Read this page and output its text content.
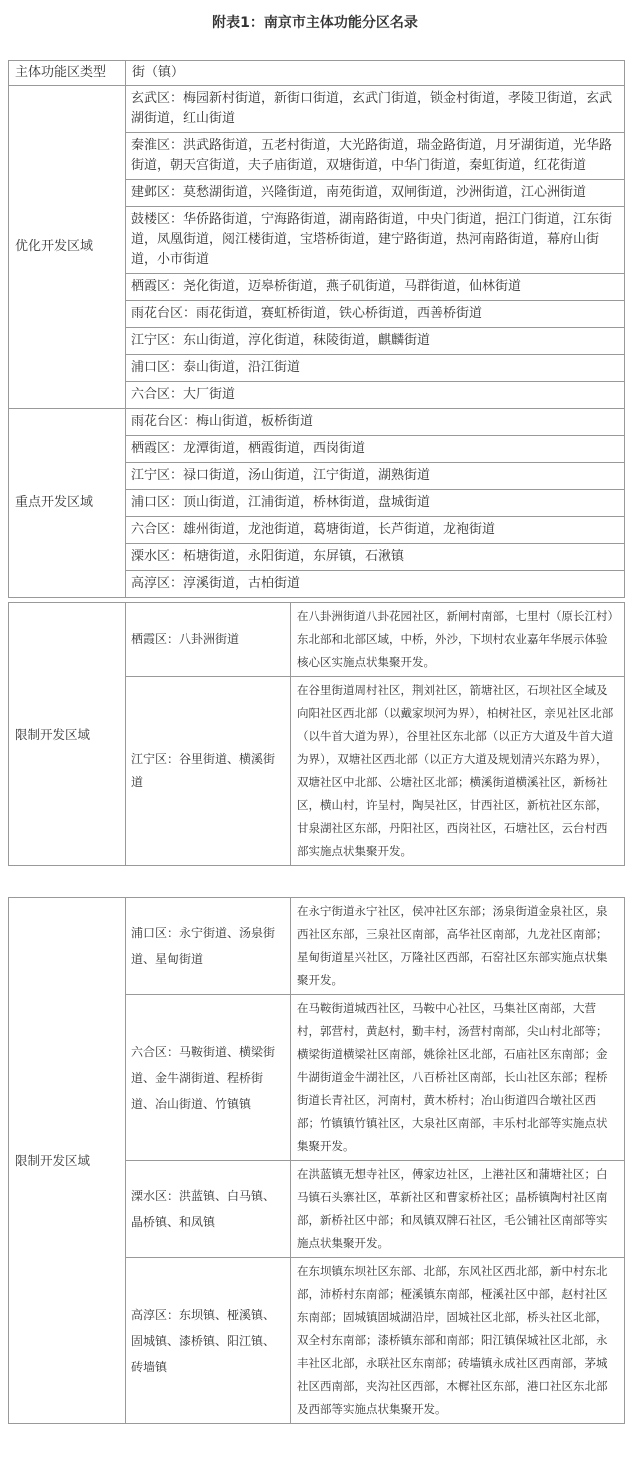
附表1：南京市主体功能分区名录
主体功能区类型	街（镇）
优化开发区域	玄武区：梅园新村街道，新街口街道，玄武门街道，锁金村街道，孝陵卫街道，玄武湖街道，红山街道
	秦淮区：洪武路街道，五老村街道，大光路街道，瑞金路街道，月牙湖街道，光华路街道，朝天宫街道，夫子庙街道，双塘街道，中华门街道，秦虹街道，红花街道
	建邺区：莫愁湖街道，兴隆街道，南苑街道，双闸街道，沙洲街道，江心洲街道
	鼓楼区：华侨路街道，宁海路街道，湖南路街道，中央门街道，挹江门街道，江东街道，凤凰街道，阅江楼街道，宝塔桥街道，建宁路街道，热河南路街道，幕府山街道，小市街道
	栖霞区：尧化街道，迈皋桥街道，燕子矶街道，马群街道，仙林街道
	雨花台区：雨花街道，赛虹桥街道，铁心桥街道，西善桥街道
	江宁区：东山街道，淳化街道，秣陵街道，麒麟街道
	浦口区：泰山街道，沿江街道
	六合区：大厂街道
重点开发区域	雨花台区：梅山街道，板桥街道
	栖霞区：龙潭街道，栖霞街道，西岗街道
	江宁区：禄口街道，汤山街道，江宁街道，湖熟街道
	浦口区：顶山街道，江浦街道，桥林街道，盘城街道
	六合区：雄州街道，龙池街道，葛塘街道，长芦街道，龙袍街道
	溧水区：柘塘街道，永阳街道，东屏镇，石湫镇
	高淳区：淳溪街道，古柏街道
限制开发区域	栖霞区：八卦洲街道	在八卦洲街道八卦花园社区，新闸村南部，七里村（原长江村）东北部和北部区域，中桥，外沙，下坝村农业嘉年华展示体验核心区实施点状集聚开发。
	江宁区：谷里街道、横溪街道	在谷里街道周村社区，荆刘社区，箭塘社区，石坝社区全域及向阳社区西北部（以戴家坝河为界），柏树社区，亲见社区北部（以牛首大道为界），谷里社区东北部（以正方大道及牛首大道为界），双塘社区西北部（以正方大道及规划清兴东路为界），双塘社区中北部、公塘社区北部；横溪街道横溪社区，新杨社区，横山村，许呈村，陶吴社区，甘西社区，新杭社区东部，甘泉湖社区东部，丹阳社区，西岗社区，石塘社区，云台村西部实施点状集聚开发。
限制开发区域	浦口区：永宁街道、汤泉街道、星甸街道	在永宁街道永宁社区，侯冲社区东部；汤泉街道金泉社区，泉西社区东部，三泉社区南部，高华社区南部，九龙社区南部；星甸街道星兴社区，万隆社区西部，石窑社区东部实施点状集聚开发。
	六合区：马鞍街道、横梁街道、金牛湖街道、程桥街道、冶山街道、竹镇镇	在马鞍街道城西社区，马鞍中心社区，马集社区南部，大营村，郭营村，黄赵村，勤丰村，汤营村南部，尖山村北部等；横梁街道横梁社区南部，姚徐社区北部，石庙社区东南部；金牛湖街道金牛湖社区，八百桥社区南部，长山社区东部；程桥街道长青社区，河南村，黄木桥村；冶山街道四合墩社区西部；竹镇镇竹镇社区，大泉社区南部，丰乐村北部等实施点状集聚开发。
	溧水区：洪蓝镇、白马镇、晶桥镇、和凤镇	在洪蓝镇无想寺社区，傅家边社区，上港社区和蒲塘社区；白马镇石头寨社区，革新社区和曹家桥社区；晶桥镇陶村社区南部，新桥社区中部；和凤镇双牌石社区，毛公铺社区南部等实施点状集聚开发。
	高淳区：东坝镇、桠溪镇、固城镇、漆桥镇、阳江镇、砖墙镇	在东坝镇东坝社区东部、北部，东风社区西北部，新中村东北部，沛桥村东南部；桠溪镇东南部，桠溪社区中部，赵村社区东南部；固城镇固城湖沿岸，固城社区北部，桥头社区北部，双全村东南部；漆桥镇东部和南部；阳江镇保城社区北部，永丰社区北部，永联社区东南部；砖墙镇永成社区西南部，茅城社区西南部，夹沟社区西部，木樨社区东部，港口社区东北部及西部等实施点状集聚开发。
